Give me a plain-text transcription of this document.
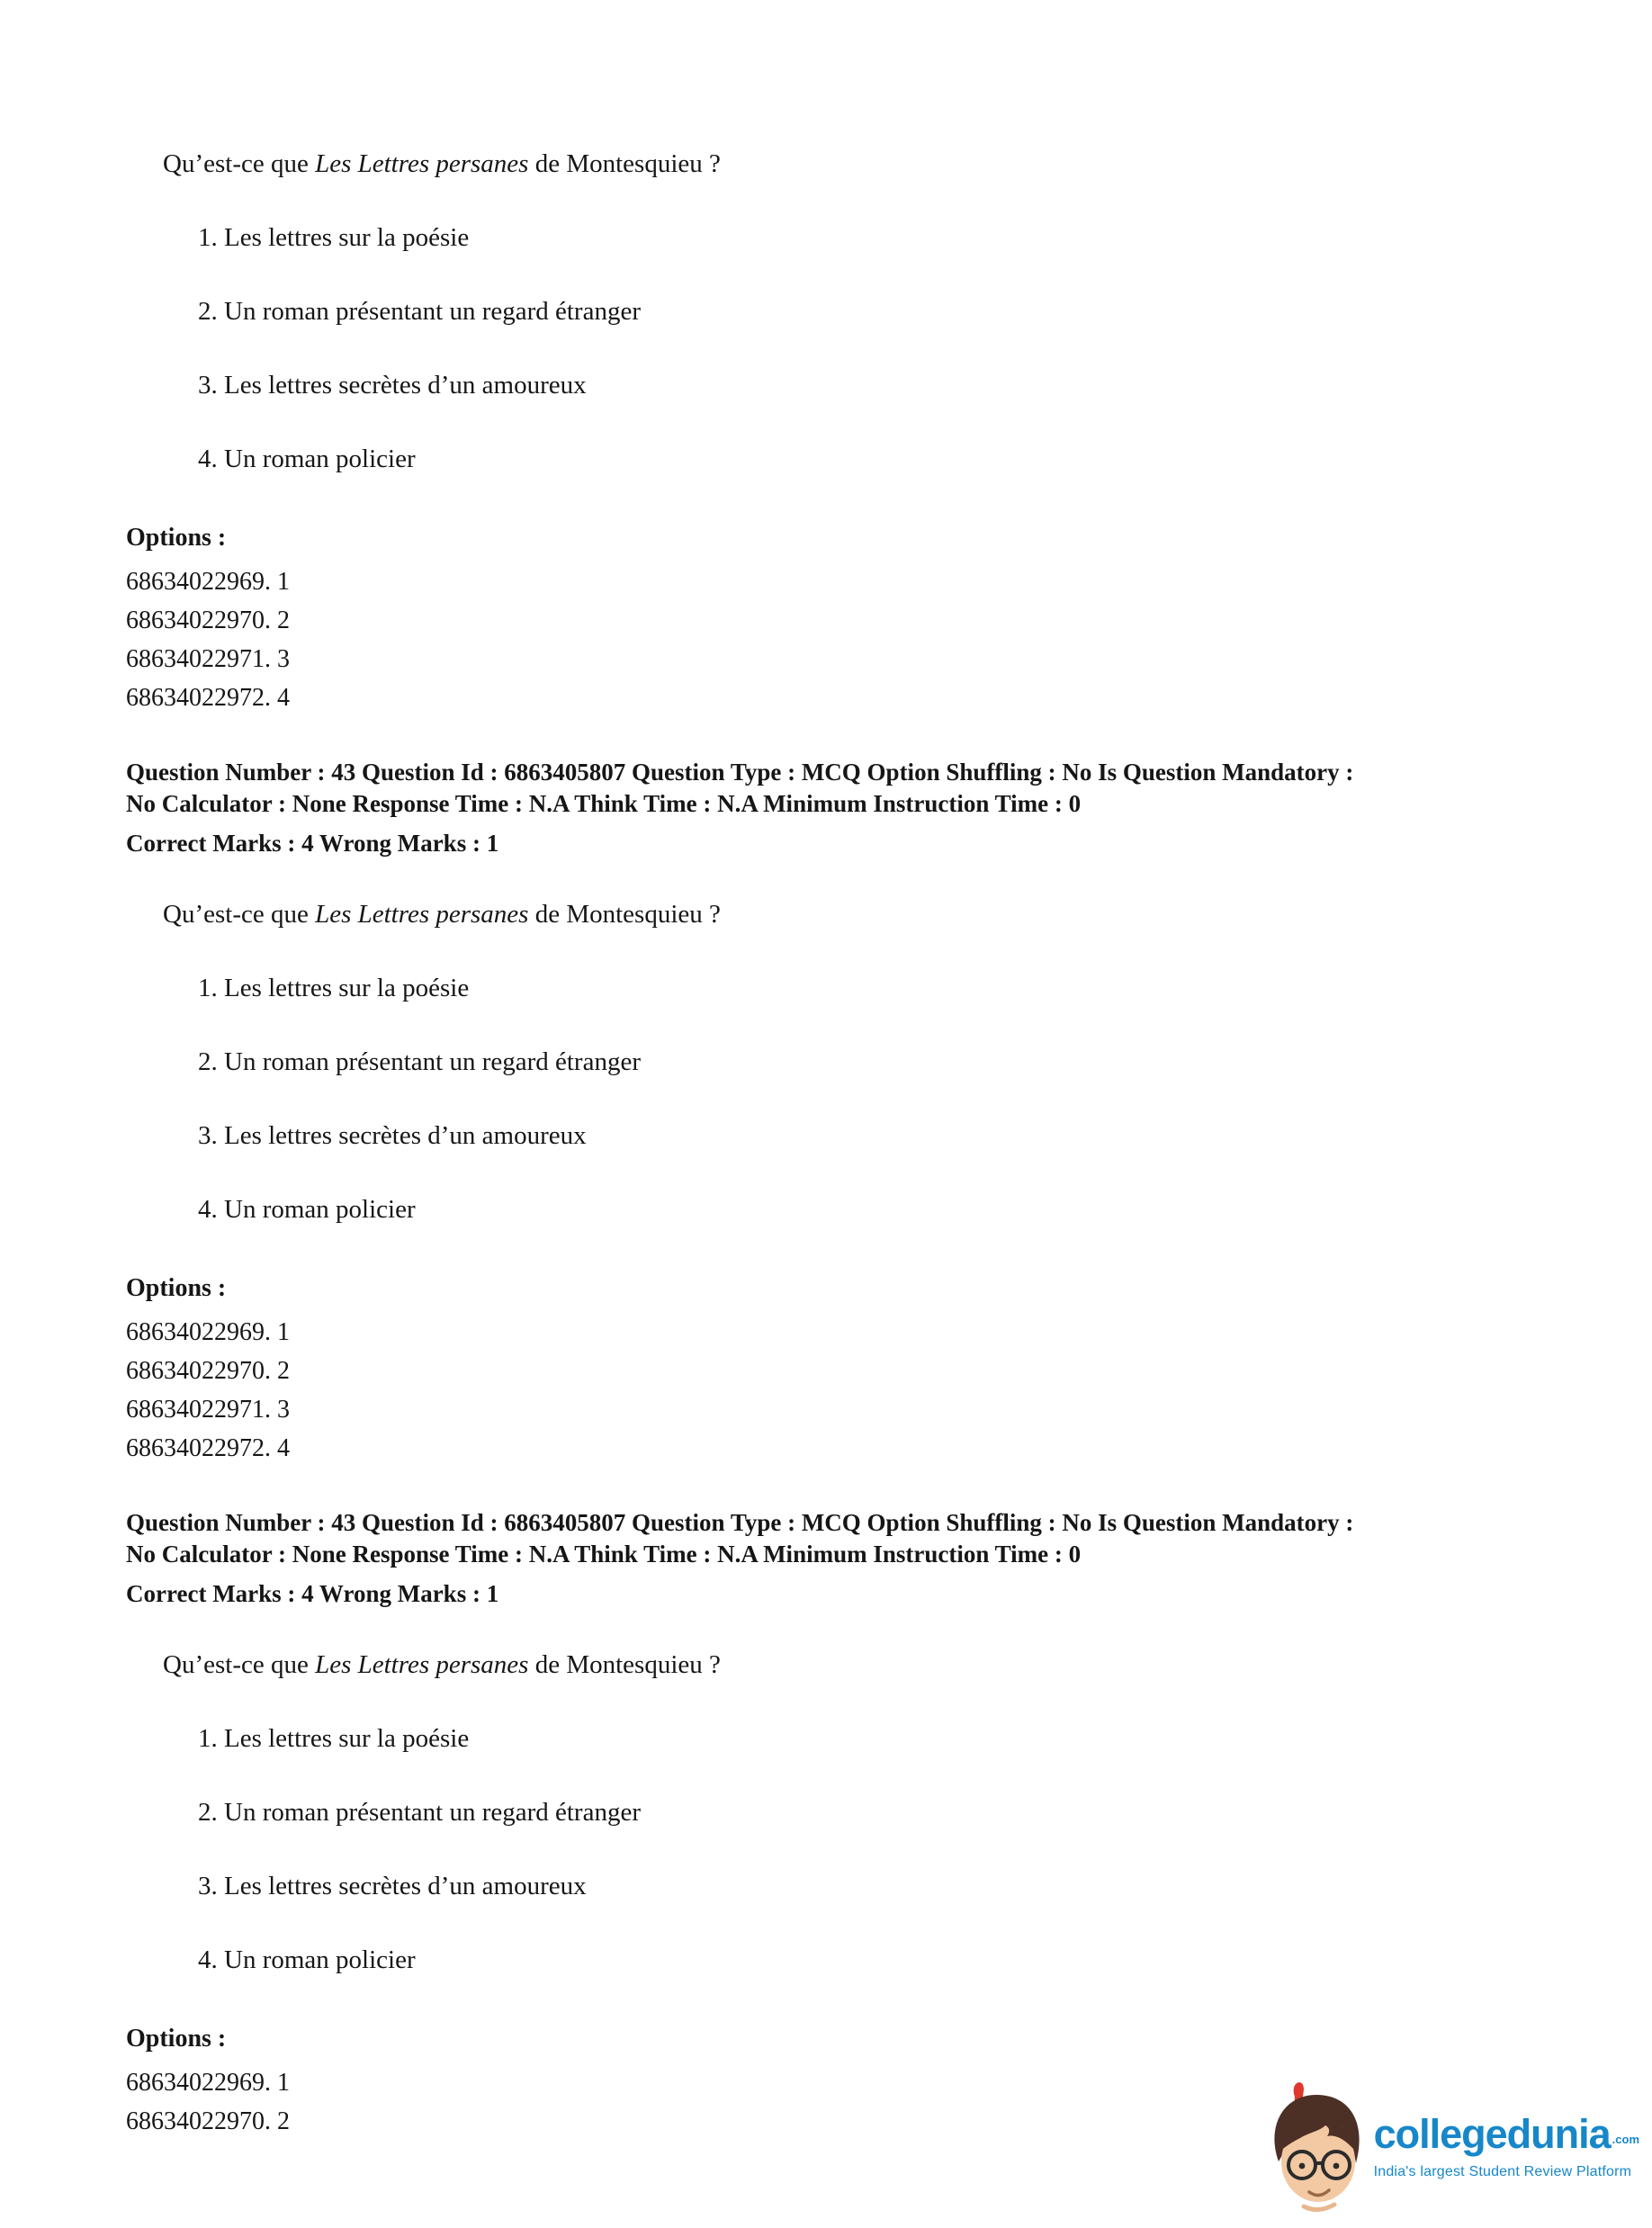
Qu’est-ce que Les Lettres persanes de Montesquieu ?
1. Les lettres sur la poésie
2. Un roman présentant un regard étranger
3. Les lettres secrètes d’un amoureux
4. Un roman policier
Options :
68634022969. 1
68634022970. 2
68634022971. 3
68634022972. 4
Question Number : 43 Question Id : 6863405807 Question Type : MCQ Option Shuffling : No Is Question Mandatory :
No Calculator : None Response Time : N.A Think Time : N.A Minimum Instruction Time : 0
Correct Marks : 4 Wrong Marks : 1
Qu’est-ce que Les Lettres persanes de Montesquieu ?
1. Les lettres sur la poésie
2. Un roman présentant un regard étranger
3. Les lettres secrètes d’un amoureux
4. Un roman policier
Options :
68634022969. 1
68634022970. 2
68634022971. 3
68634022972. 4
Question Number : 43 Question Id : 6863405807 Question Type : MCQ Option Shuffling : No Is Question Mandatory :
No Calculator : None Response Time : N.A Think Time : N.A Minimum Instruction Time : 0
Correct Marks : 4 Wrong Marks : 1
Qu’est-ce que Les Lettres persanes de Montesquieu ?
1. Les lettres sur la poésie
2. Un roman présentant un regard étranger
3. Les lettres secrètes d’un amoureux
4. Un roman policier
Options :
68634022969. 1
68634022970. 2	collegedunia .com
India's largest Student Review Platform
